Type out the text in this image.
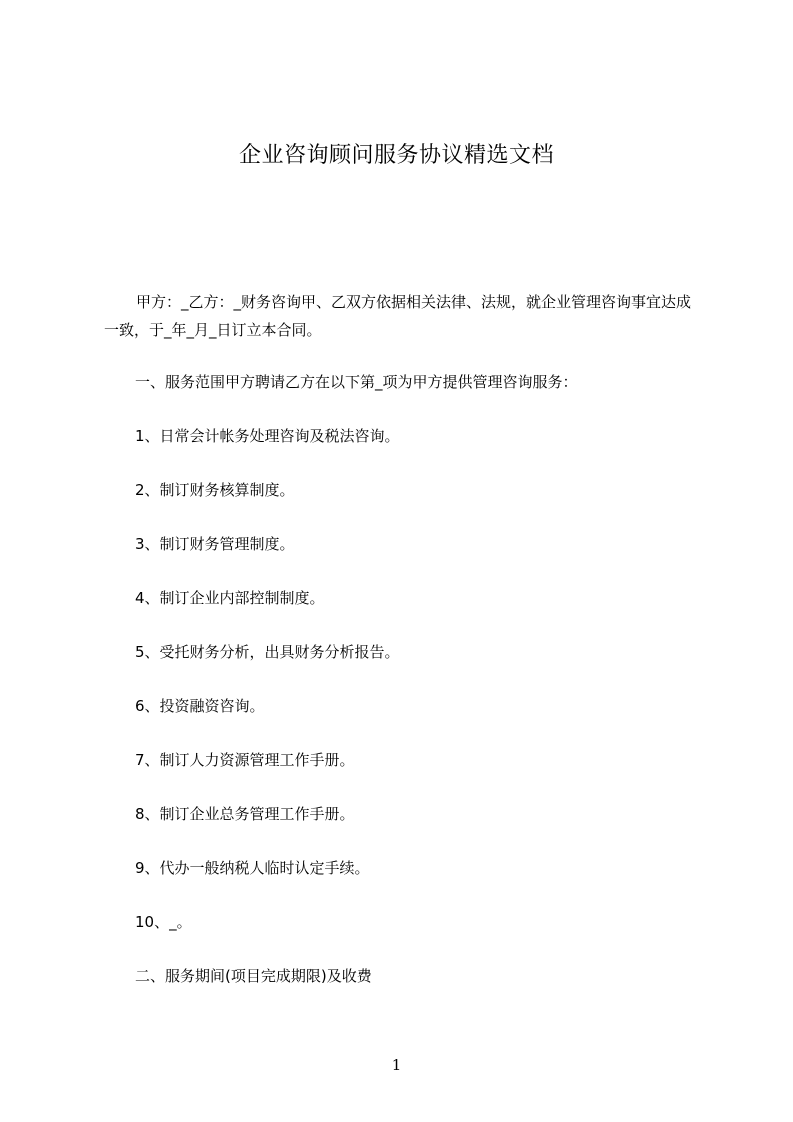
企业咨询顾问服务协议精选文档
甲方：_乙方：_财务咨询甲、乙双方依据相关法律、法规，就企业管理咨询事宜达成一致，于_年_月_日订立本合同。
一、服务范围甲方聘请乙方在以下第_项为甲方提供管理咨询服务：
1、日常会计帐务处理咨询及税法咨询。
2、制订财务核算制度。
3、制订财务管理制度。
4、制订企业内部控制制度。
5、受托财务分析，出具财务分析报告。
6、投资融资咨询。
7、制订人力资源管理工作手册。
8、制订企业总务管理工作手册。
9、代办一般纳税人临时认定手续。
10、_。
二、服务期间(项目完成期限)及收费
1
